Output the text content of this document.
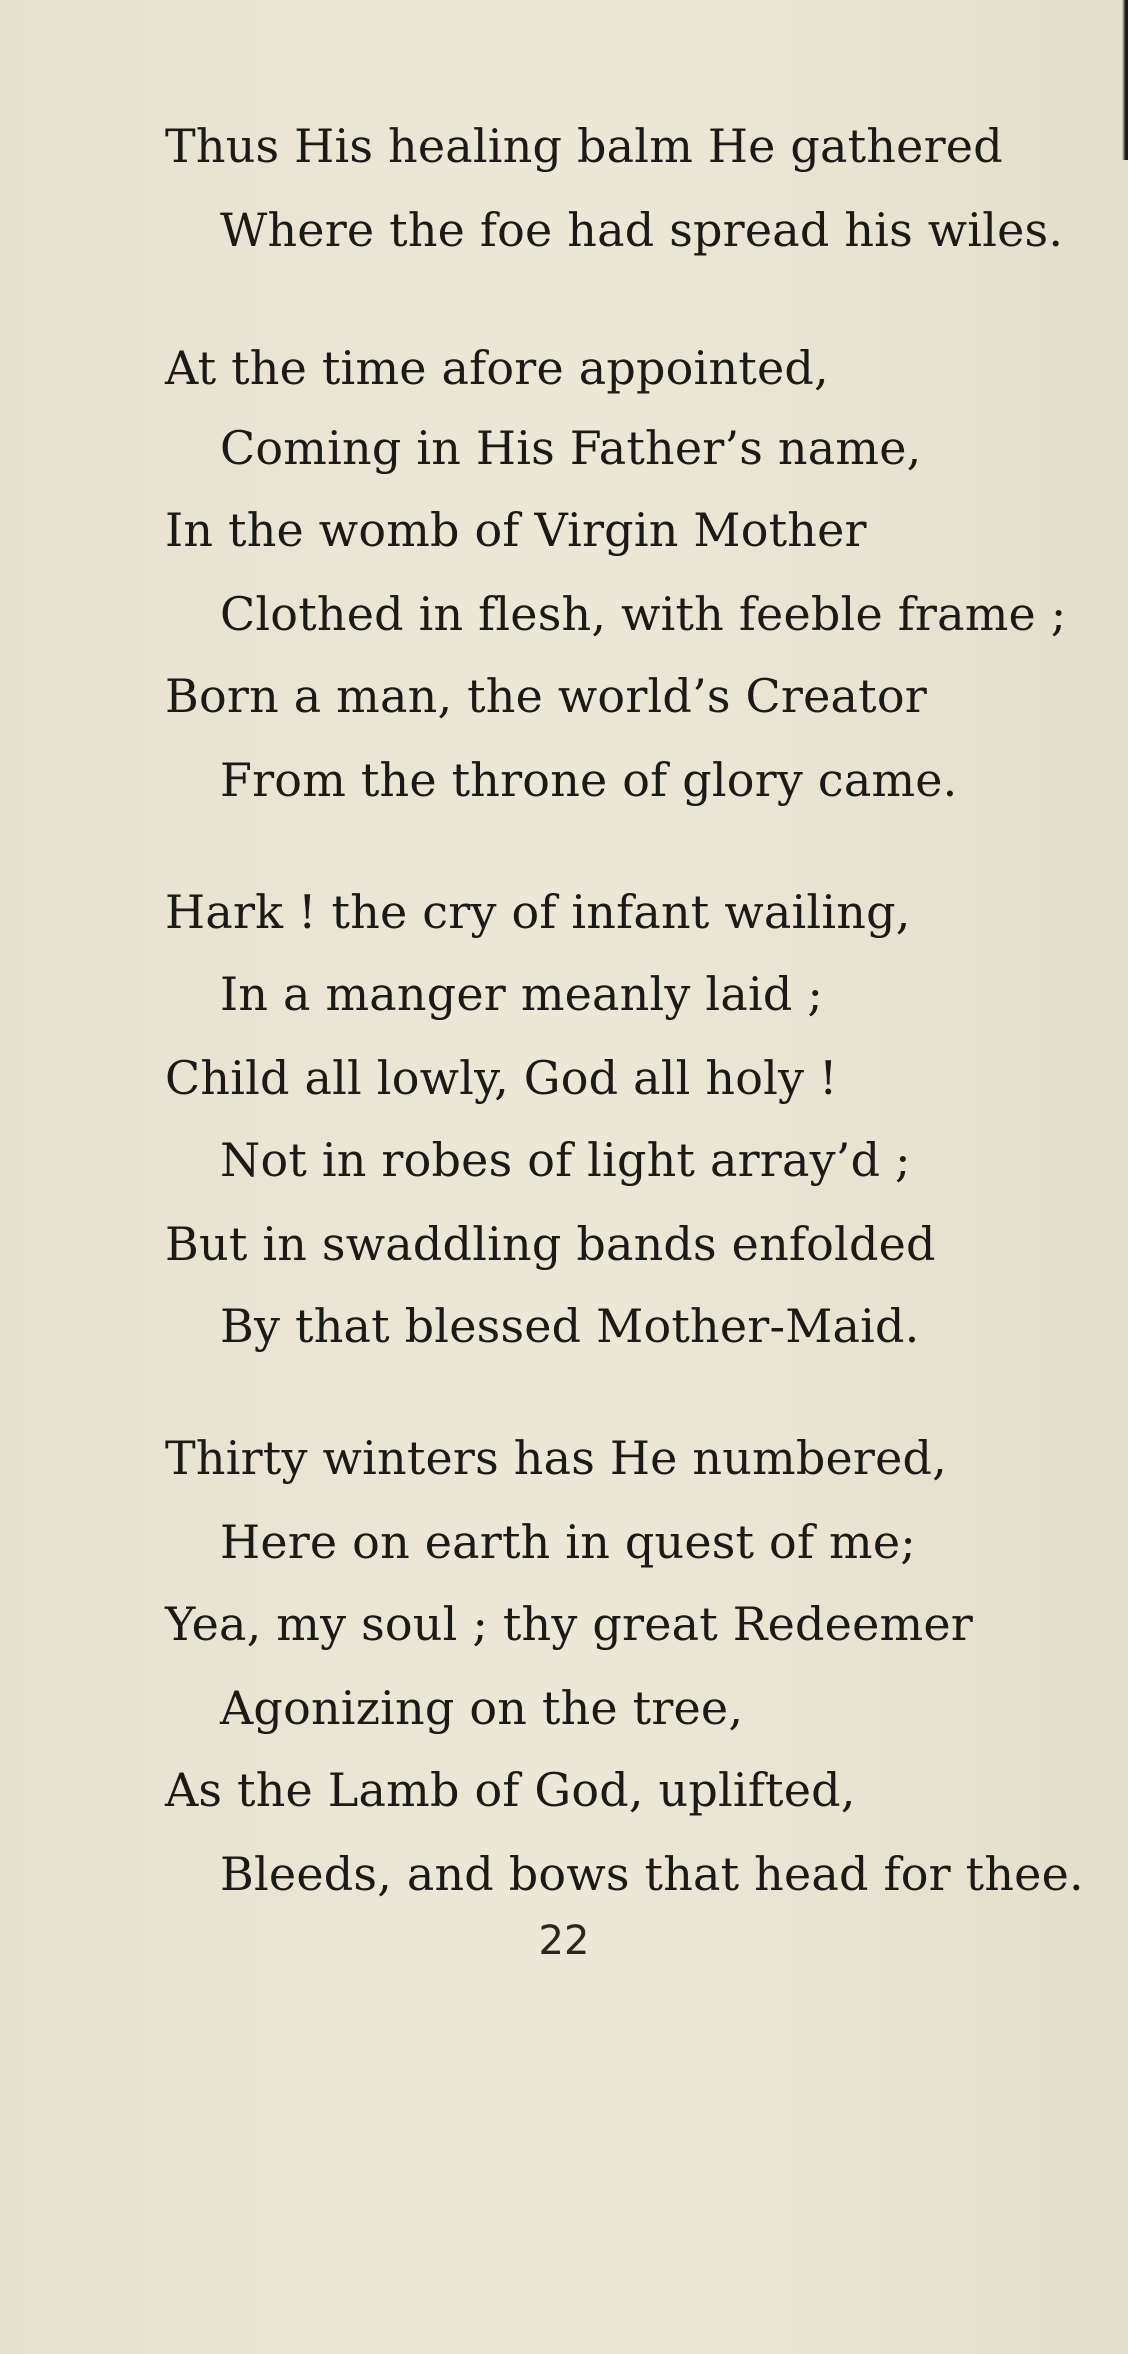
Thus His healing balm He gathered
Where the foe had spread his wiles.
At the time afore appointed,
Coming in His Father’s name,
In the womb of Virgin Mother
Clothed in flesh, with feeble frame ;
Born a man, the world’s Creator
From the throne of glory came.
Hark ! the cry of infant wailing,
In a manger meanly laid ;
Child all lowly, God all holy !
Not in robes of light array’d ;
But in swaddling bands enfolded
By that blessed Mother-Maid.
Thirty winters has He numbered,
Here on earth in quest of me;
Yea, my soul ; thy great Redeemer
Agonizing on the tree,
As the Lamb of God, uplifted,
Bleeds, and bows that head for thee.
22
